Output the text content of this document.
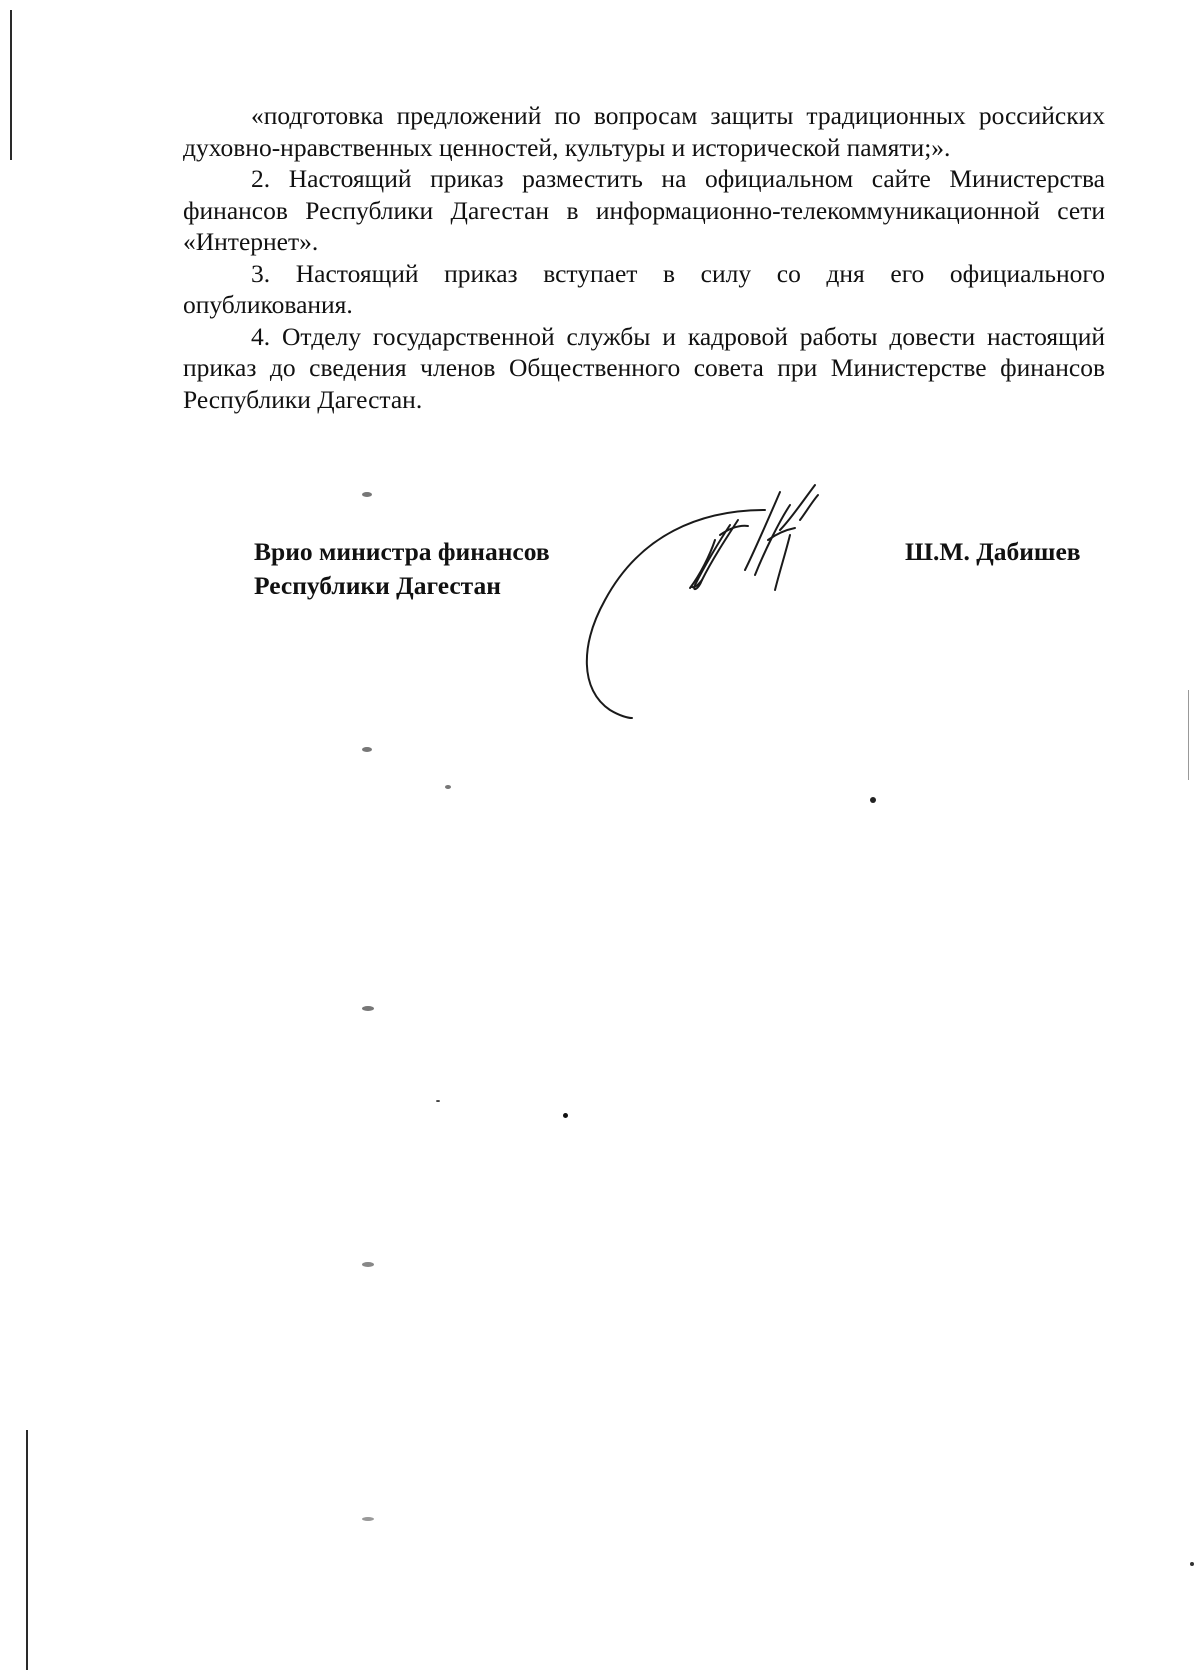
«подготовка предложений по вопросам защиты традиционных российских духовно-нравственных ценностей, культуры и исторической памяти;».

2. Настоящий приказ разместить на официальном сайте Министерства финансов Республики Дагестан в информационно-телекоммуникационной сети «Интернет».

3. Настоящий приказ вступает в силу со дня его официального опубликования.

4. Отделу государственной службы и кадровой работы довести настоящий приказ до сведения членов Общественного совета при Министерстве финансов Республики Дагестан.

Врио министра финансов
Республики Дагестан
Ш.М. Дабишев
